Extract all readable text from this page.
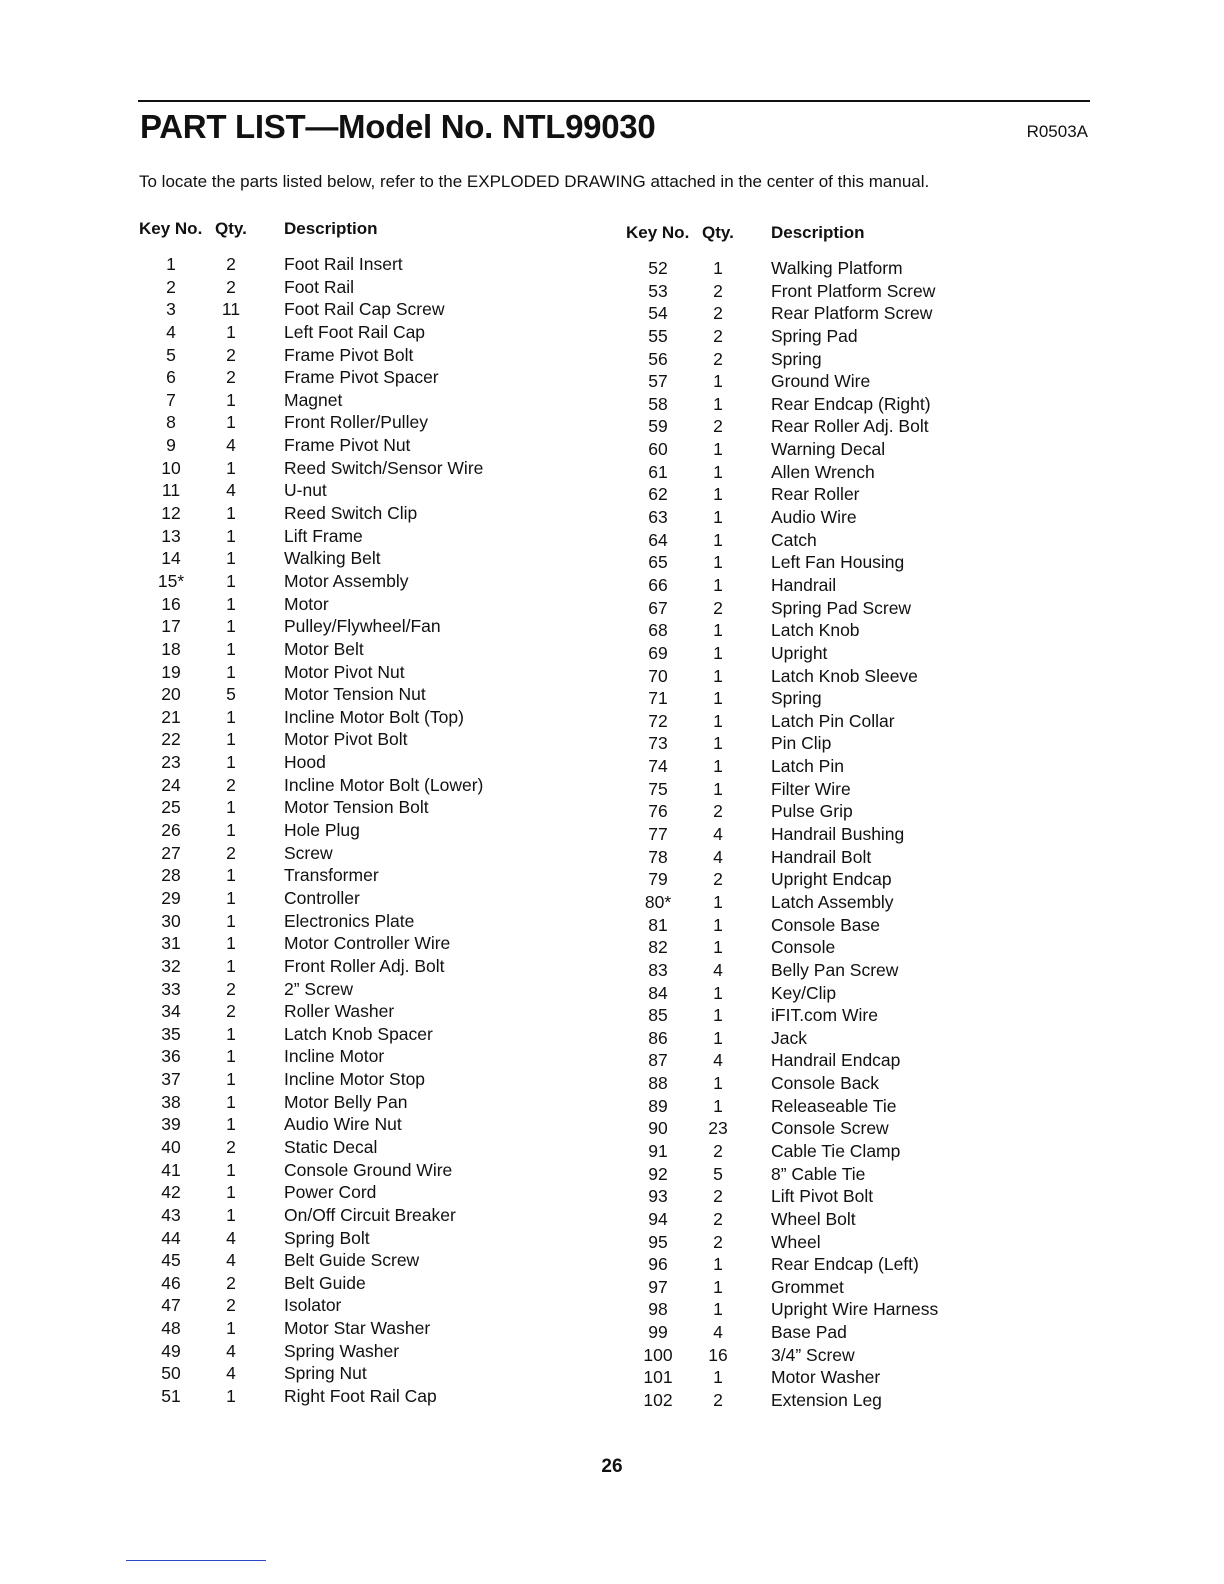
PART LIST—Model No. NTL99030	R0503A
To locate the parts listed below, refer to the EXPLODED DRAWING attached in the center of this manual.
Key No. Qty. Description
1	2	Foot Rail Insert
2	2	Foot Rail
3	11	Foot Rail Cap Screw
4	1	Left Foot Rail Cap
5	2	Frame Pivot Bolt
6	2	Frame Pivot Spacer
7	1	Magnet
8	1	Front Roller/Pulley
9	4	Frame Pivot Nut
10	1	Reed Switch/Sensor Wire
11	4	U-nut
12	1	Reed Switch Clip
13	1	Lift Frame
14	1	Walking Belt
15*	1	Motor Assembly
16	1	Motor
17	1	Pulley/Flywheel/Fan
18	1	Motor Belt
19	1	Motor Pivot Nut
20	5	Motor Tension Nut
21	1	Incline Motor Bolt (Top)
22	1	Motor Pivot Bolt
23	1	Hood
24	2	Incline Motor Bolt (Lower)
25	1	Motor Tension Bolt
26	1	Hole Plug
27	2	Screw
28	1	Transformer
29	1	Controller
30	1	Electronics Plate
31	1	Motor Controller Wire
32	1	Front Roller Adj. Bolt
33	2	2” Screw
34	2	Roller Washer
35	1	Latch Knob Spacer
36	1	Incline Motor
37	1	Incline Motor Stop
38	1	Motor Belly Pan
39	1	Audio Wire Nut
40	2	Static Decal
41	1	Console Ground Wire
42	1	Power Cord
43	1	On/Off Circuit Breaker
44	4	Spring Bolt
45	4	Belt Guide Screw
46	2	Belt Guide
47	2	Isolator
48	1	Motor Star Washer
49	4	Spring Washer
50	4	Spring Nut
51	1	Right Foot Rail Cap
Key No. Qty. Description
52	1	Walking Platform
53	2	Front Platform Screw
54	2	Rear Platform Screw
55	2	Spring Pad
56	2	Spring
57	1	Ground Wire
58	1	Rear Endcap (Right)
59	2	Rear Roller Adj. Bolt
60	1	Warning Decal
61	1	Allen Wrench
62	1	Rear Roller
63	1	Audio Wire
64	1	Catch
65	1	Left Fan Housing
66	1	Handrail
67	2	Spring Pad Screw
68	1	Latch Knob
69	1	Upright
70	1	Latch Knob Sleeve
71	1	Spring
72	1	Latch Pin Collar
73	1	Pin Clip
74	1	Latch Pin
75	1	Filter Wire
76	2	Pulse Grip
77	4	Handrail Bushing
78	4	Handrail Bolt
79	2	Upright Endcap
80*	1	Latch Assembly
81	1	Console Base
82	1	Console
83	4	Belly Pan Screw
84	1	Key/Clip
85	1	iFIT.com Wire
86	1	Jack
87	4	Handrail Endcap
88	1	Console Back
89	1	Releaseable Tie
90	23	Console Screw
91	2	Cable Tie Clamp
92	5	8” Cable Tie
93	2	Lift Pivot Bolt
94	2	Wheel Bolt
95	2	Wheel
96	1	Rear Endcap (Left)
97	1	Grommet
98	1	Upright Wire Harness
99	4	Base Pad
100	16	3/4” Screw
101	1	Motor Washer
102	2	Extension Leg
26
